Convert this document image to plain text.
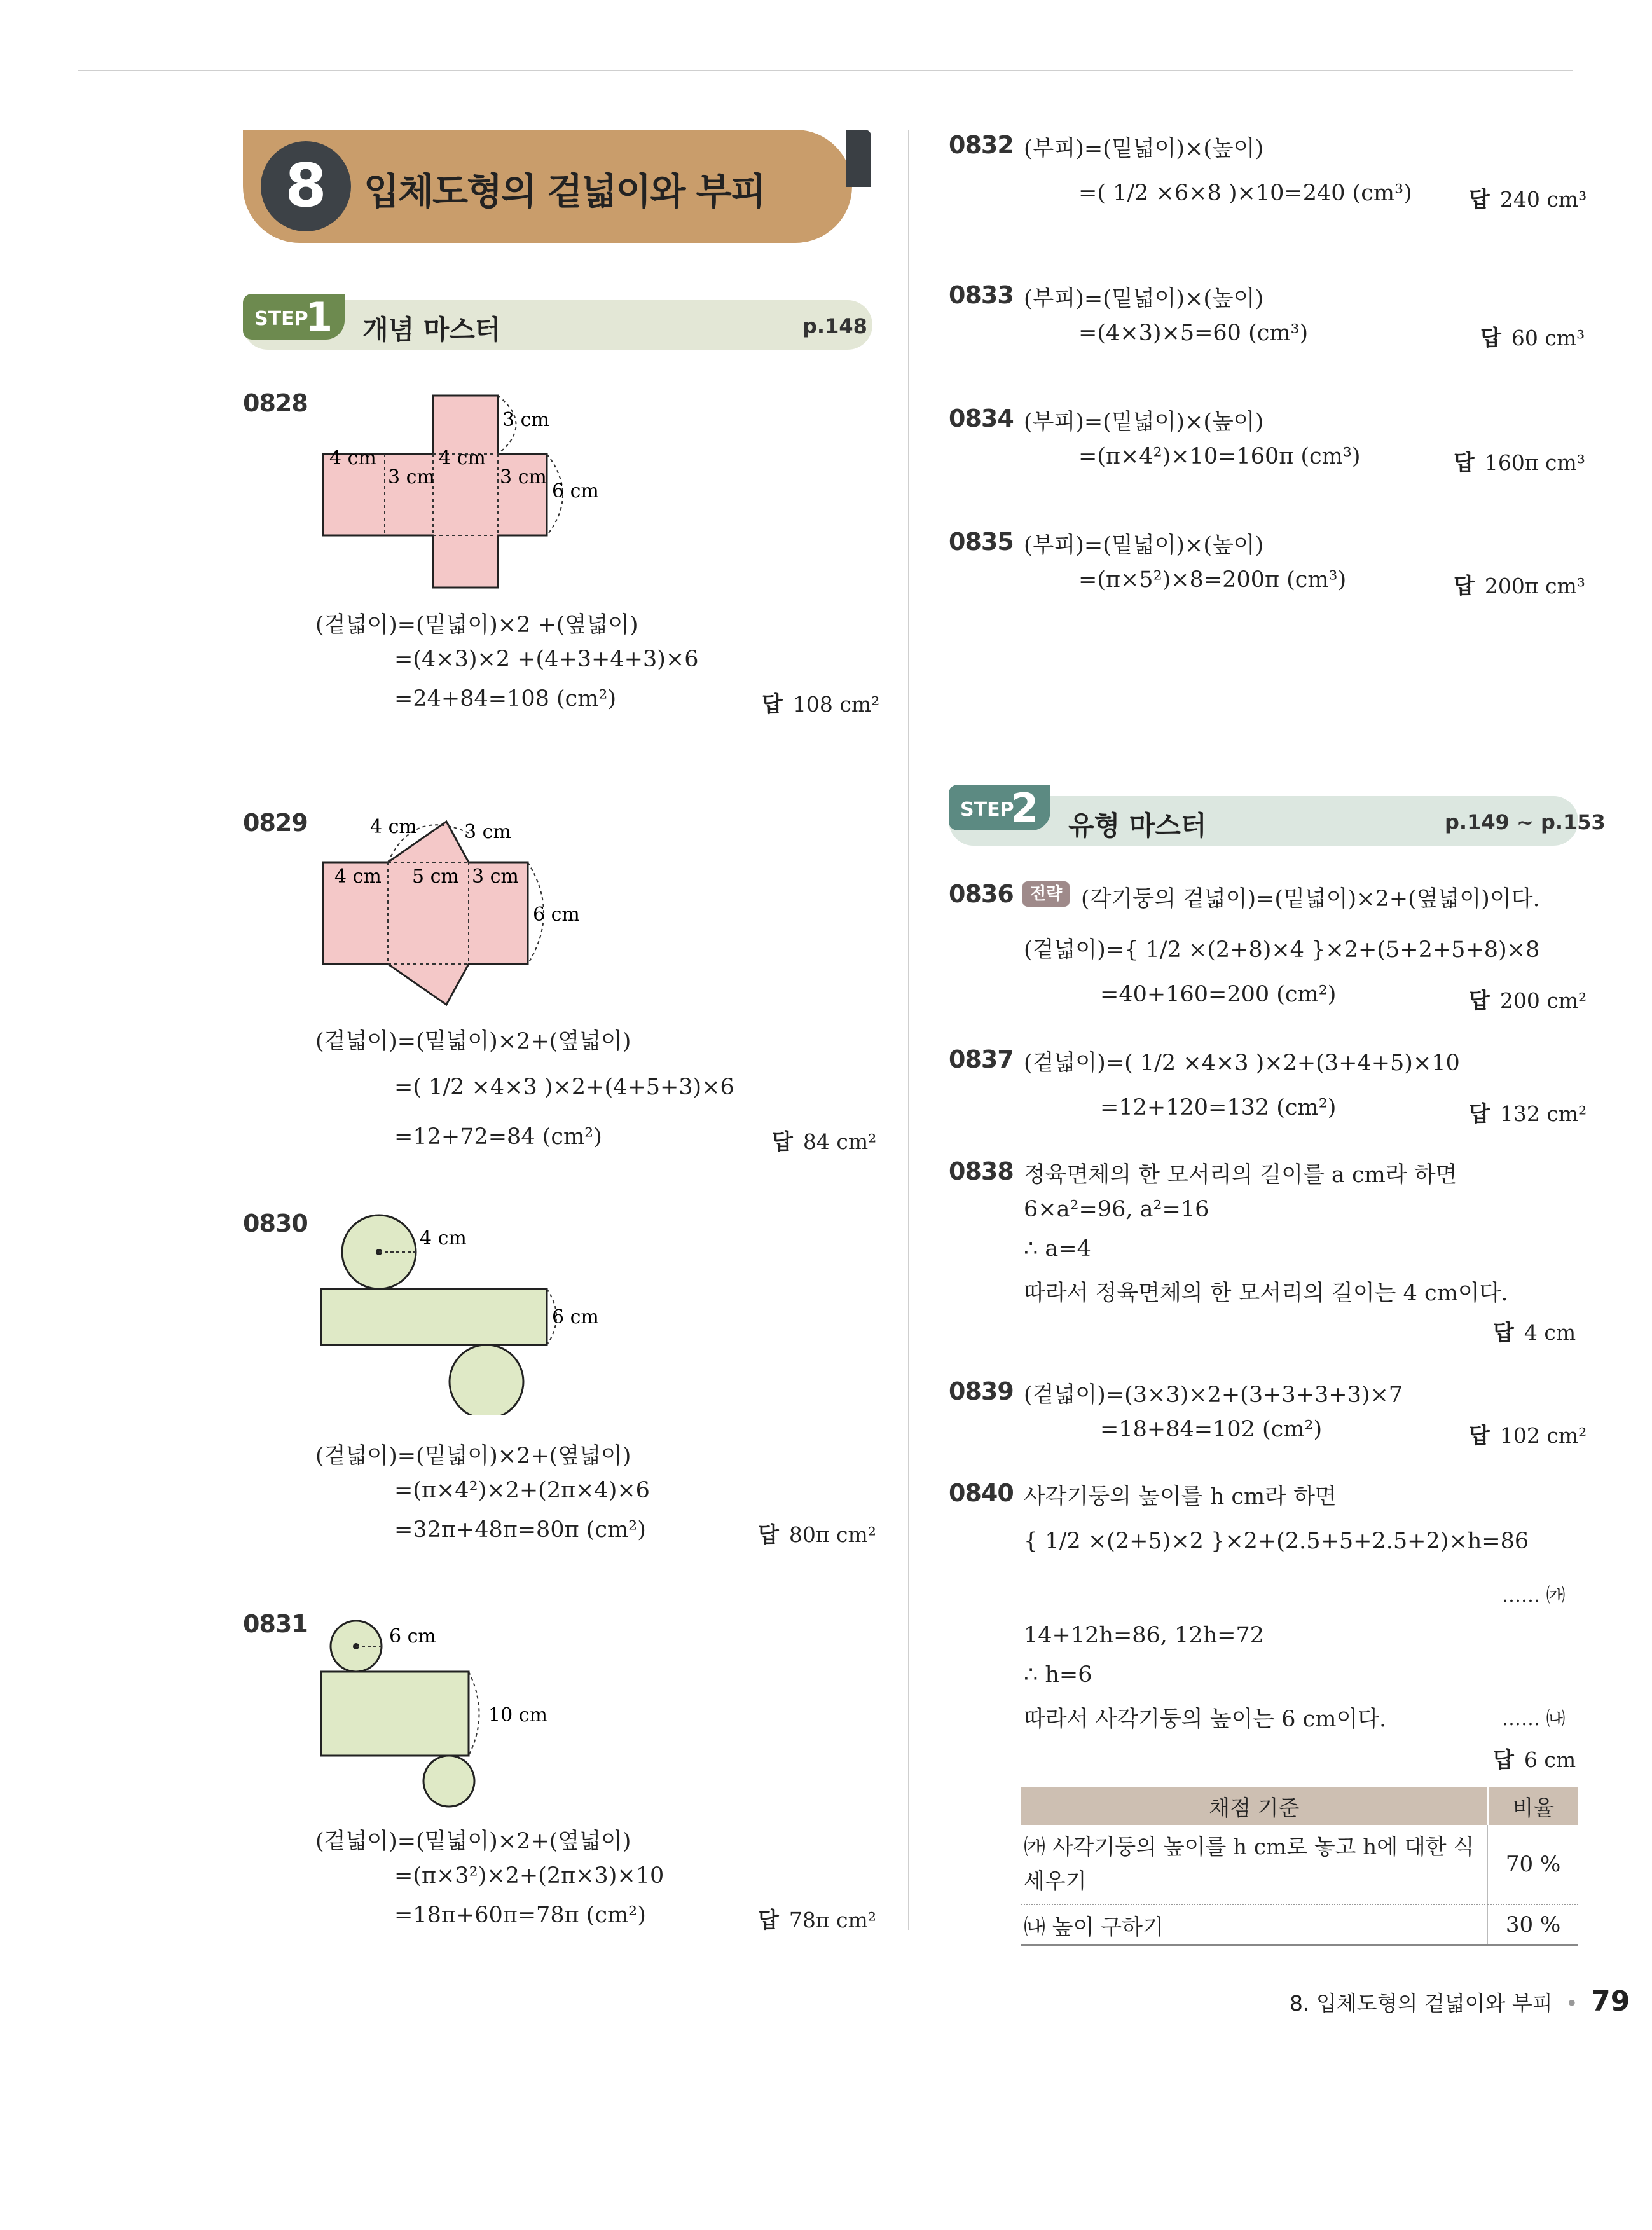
8	입체도형의 겉넓이와 부피
STEP
1 개념 마스터	p.148
STEP
2 유형 마스터	p.149 ~ p.153
0828
3 cm
4 cm	4 cm
3 cm	3 cm
6 cm
(겉넓이)=(밑넓이)×2 +(옆넓이)
=(4×3)×2 +(4+3+4+3)×6
=24+84=108 (cm²)	답 108 cm²
0829	4 cm 3 cm
4 cm 5 cm 3 cm
6 cm
(겉넓이)=(밑넓이)×2+(옆넓이)
=( 1/2 ×4×3 )×2+(4+5+3)×6
=12+72=84 (cm²)	답 84 cm²
0830
4 cm
6 cm
(겉넓이)=(밑넓이)×2+(옆넓이)
=(π×4²)×2+(2π×4)×6
=32π+48π=80π (cm²)	답 80π cm²
0831	6 cm
10 cm
(겉넓이)=(밑넓이)×2+(옆넓이)
=(π×3²)×2+(2π×3)×10
=18π+60π=78π (cm²)	답 78π cm²
0832 (부피)=(밑넓이)×(높이)
=( 1/2 ×6×8 )×10=240 (cm³)	답 240 cm³
0833 (부피)=(밑넓이)×(높이)
=(4×3)×5=60 (cm³)	답 60 cm³
0834 (부피)=(밑넓이)×(높이)
=(π×4²)×10=160π (cm³)	답 160π cm³
0835 (부피)=(밑넓이)×(높이)
=(π×5²)×8=200π (cm³)	답 200π cm³
0836	전략 (각기둥의 겉넓이)=(밑넓이)×2+(옆넓이)이다.
(겉넓이)={ 1/2 ×(2+8)×4 }×2+(5+2+5+8)×8
=40+160=200 (cm²)	답 200 cm²
0837 (겉넓이)=( 1/2 ×4×3 )×2+(3+4+5)×10
=12+120=132 (cm²)	답 132 cm²
0838 정육면체의 한 모서리의 길이를 a cm라 하면
6×a²=96, a²=16
∴ a=4
따라서 정육면체의 한 모서리의 길이는 4 cm이다.
답 4 cm
0839 (겉넓이)=(3×3)×2+(3+3+3+3)×7
=18+84=102 (cm²)	답 102 cm²
0840 사각기둥의 높이를 h cm라 하면
{ 1/2 ×(2+5)×2 }×2+(2.5+5+2.5+2)×h=86
…… ㈎
14+12h=86, 12h=72
∴ h=6
따라서 사각기둥의 높이는 6 cm이다.	…… ㈏
답 6 cm
채점 기준	비율
㈎ 사각기둥의 높이를 h cm로 놓고 h에 대한 식 세우기	70 %
㈏ 높이 구하기	30 %
8. 입체도형의 겉넓이와 부피 • 79
